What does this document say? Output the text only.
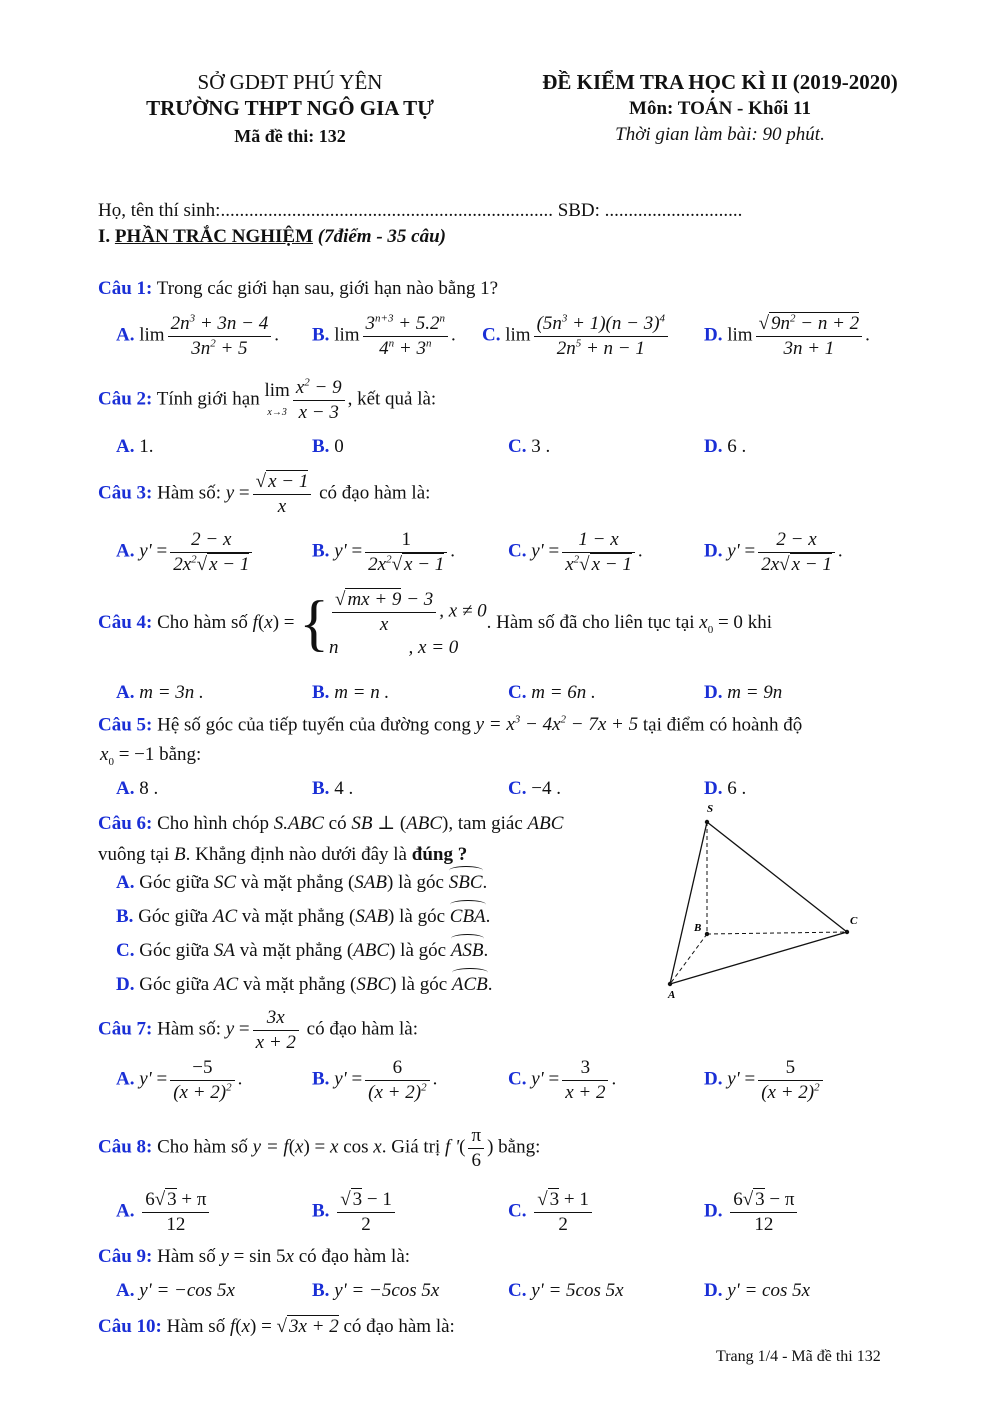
SỞ GDĐT PHÚ YÊN
TRƯỜNG THPT NGÔ GIA TỰ
Mã đề thi: 132
ĐỀ KIỂM TRA HỌC KÌ II (2019-2020)
Môn: TOÁN - Khối 11
Thời gian làm bài: 90 phút.
Họ, tên thí sinh:...................................................................... SBD: .............................
I. PHẦN TRẮC NGHIỆM (7điểm - 35 câu)
Câu 1: Trong các giới hạn sau, giới hạn nào bằng 1?
A. $\lim \frac{2n^3 + 3n - 4}{3n^2 + 5}$ . B. $\lim \frac{3^{n+3} + 5.2^n}{4^n + 3^n}$ . C. $\lim \frac{(5n^3 + 1)(n - 3)^4}{2n^5 + n - 1} D$. $\lim \frac{√ 9n^2 - n + 2}{3n + 1}$ .
Câu 2: Tính giới hạn lim
$x\to 3 \frac{x^2 - 9}{x - 3}$ , kết quả là:
A. 1.	B. 0	C. 3 .	D. 6 .
Câu 3: Hàm số: $y = \frac{√ x - 1}{x}$ có đạo hàm là:
A. $y' = \frac{2 - x}{2x^2√ x - 1}$	B. $y' = \frac{1}{2x^2√ x - 1}$ .	C. $y' = \frac{1 - x}{x^2√ x - 1}$ .	D. $y' = \frac{2 - x}{2x√ x - 1}$ .
Câu 4: Cho hàm số f(x) = { $\frac{√ mx + 9 - 3}{x}$ , x ≠ 0
n	, x = 0. Hàm số đã cho liên tục tại $x_0 = 0$ khi
A. m = 3n .	B. m = n .	C. m = 6n .	D. m = 9n
Câu 5: Hệ số góc của tiếp tuyến của đường cong $y = x^3 - 4x^2 - 7x + 5$ tại điểm có hoành độ
$x_0 = -1$ bằng:
A. 8 .	B. 4 .	C. −4 .	D. 6 .
Câu 6: Cho hình chóp S.ABC có SB ⊥ (ABC), tam giác ABC
vuông tại B. Khẳng định nào dưới đây là đúng ?
A. Góc giữa SC và mặt phẳng (SAB) là góc SBC.
B. Góc giữa AC và mặt phẳng (SAB) là góc CBA.
C. Góc giữa SA và mặt phẳng (ABC) là góc ASB.
D. Góc giữa AC và mặt phẳng (SBC) là góc ACB.
S
A
B
C
Câu 7: Hàm số: $y = \frac{3x}{x + 2}$ có đạo hàm là:
A. $y' = \frac{-5}{(x + 2)^2}$ .	B. $y' = \frac{6}{(x + 2)^2}$ .	C. $y' = \frac{3}{x + 2}$ .	D. $y' = \frac{5}{(x + 2)^2}$
Câu 8: Cho hàm số y = f(x) = x cos x. Giá trị f '( $\frac{\pi}{6}$ ) bằng:
A. $\frac{6√ 3 + \pi}{12}$	B. $\frac{√ 3 - 1}{2}$	C. $\frac{√ 3 + 1}{2}$	D. $\frac{6√ 3 - \pi}{12}$
Câu 9: Hàm số y = sin 5x có đạo hàm là:
A. y' = −cos 5x	B. y' = −5cos 5x	C. y' = 5cos 5x	D. y' = cos 5x
Câu 10: Hàm số f(x) = √ 3x + 2 có đạo hàm là:
Trang 1/4 - Mã đề thi 132
